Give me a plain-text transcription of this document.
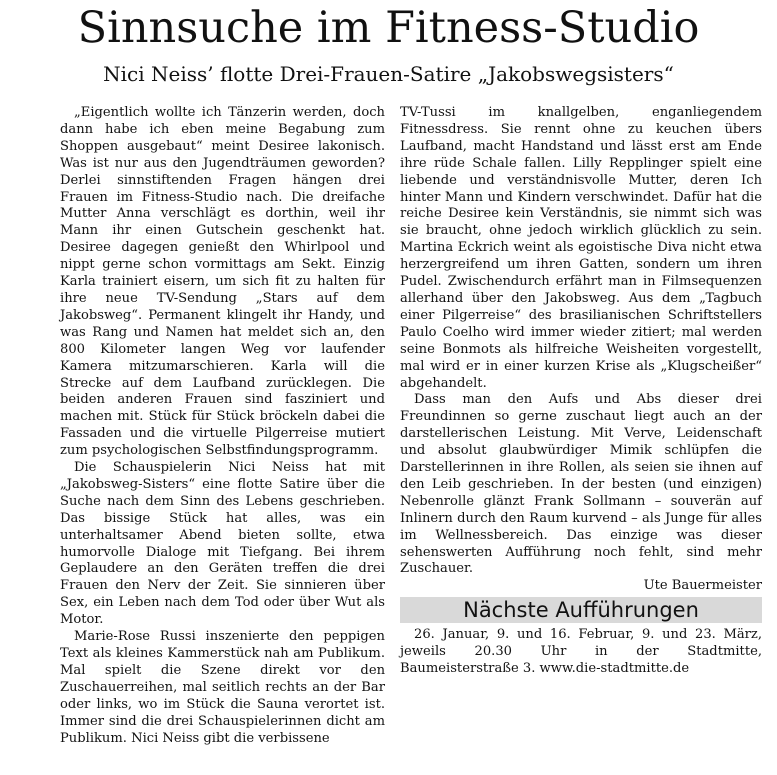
Sinnsuche im Fitness-Studio
Nici Neiss’ flotte Drei-Frauen-Satire „Jakobswegsisters“

„Eigentlich wollte ich Tänzerin werden, doch dann habe ich eben meine Begabung zum Shoppen ausgebaut“ meint Desiree lakonisch. Was ist nur aus den Jugendträumen geworden? Derlei sinnstiftenden Fragen hängen drei Frauen im Fitness-Studio nach. Die dreifache Mutter Anna verschlägt es dorthin, weil ihr Mann ihr einen Gutschein geschenkt hat. Desiree dagegen genießt den Whirlpool und nippt gerne schon vormittags am Sekt. Einzig Karla trainiert eisern, um sich fit zu halten für ihre neue TV-Sendung „Stars auf dem Jakobsweg“. Permanent klingelt ihr Handy, und was Rang und Namen hat meldet sich an, den 800 Kilometer langen Weg vor laufender Kamera mitzumarschieren. Karla will die Strecke auf dem Laufband zurücklegen. Die beiden anderen Frauen sind fasziniert und machen mit. Stück für Stück bröckeln dabei die Fassaden und die virtuelle Pilgerreise mutiert zum psychologischen Selbstfindungsprogramm.

Die Schauspielerin Nici Neiss hat mit „Jakobsweg-Sisters“ eine flotte Satire über die Suche nach dem Sinn des Lebens geschrieben. Das bissige Stück hat alles, was ein unterhaltsamer Abend bieten sollte, etwa humorvolle Dialoge mit Tiefgang. Bei ihrem Geplaudere an den Geräten treffen die drei Frauen den Nerv der Zeit. Sie sinnieren über Sex, ein Leben nach dem Tod oder über Wut als Motor.

Marie-Rose Russi inszenierte den peppigen Text als kleines Kammerstück nah am Publikum. Mal spielt die Szene direkt vor den Zuschauerreihen, mal seitlich rechts an der Bar oder links, wo im Stück die Sauna verortet ist. Immer sind die drei Schauspielerinnen dicht am Publikum. Nici Neiss gibt die verbissene

TV-Tussi im knallgelben, enganliegendem Fitnessdress. Sie rennt ohne zu keuchen übers Laufband, macht Handstand und lässt erst am Ende ihre rüde Schale fallen. Lilly Repplinger spielt eine liebende und verständnisvolle Mutter, deren Ich hinter Mann und Kindern verschwindet. Dafür hat die reiche Desiree kein Verständnis, sie nimmt sich was sie braucht, ohne jedoch wirklich glücklich zu sein. Martina Eckrich weint als egoistische Diva nicht etwa herzergreifend um ihren Gatten, sondern um ihren Pudel. Zwischendurch erfährt man in Filmsequenzen allerhand über den Jakobsweg. Aus dem „Tagbuch einer Pilgerreise“ des brasilianischen Schriftstellers Paulo Coelho wird immer wieder zitiert; mal werden seine Bonmots als hilfreiche Weisheiten vorgestellt, mal wird er in einer kurzen Krise als „Klugscheißer“ abgehandelt.

Dass man den Aufs und Abs dieser drei Freundinnen so gerne zuschaut liegt auch an der darstellerischen Leistung. Mit Verve, Leidenschaft und absolut glaubwürdiger Mimik schlüpfen die Darstellerinnen in ihre Rollen, als seien sie ihnen auf den Leib geschrieben. In der besten (und einzigen) Nebenrolle glänzt Frank Sollmann – souverän auf Inlinern durch den Raum kurvend – als Junge für alles im Wellnessbereich. Das einzige was dieser sehenswerten Aufführung noch fehlt, sind mehr Zuschauer.
Ute Bauermeister

Nächste Aufführungen

26. Januar, 9. und 16. Februar, 9. und 23. März, jeweils 20.30 Uhr in der Stadtmitte, Baumeisterstraße 3. www.die-stadtmitte.de
